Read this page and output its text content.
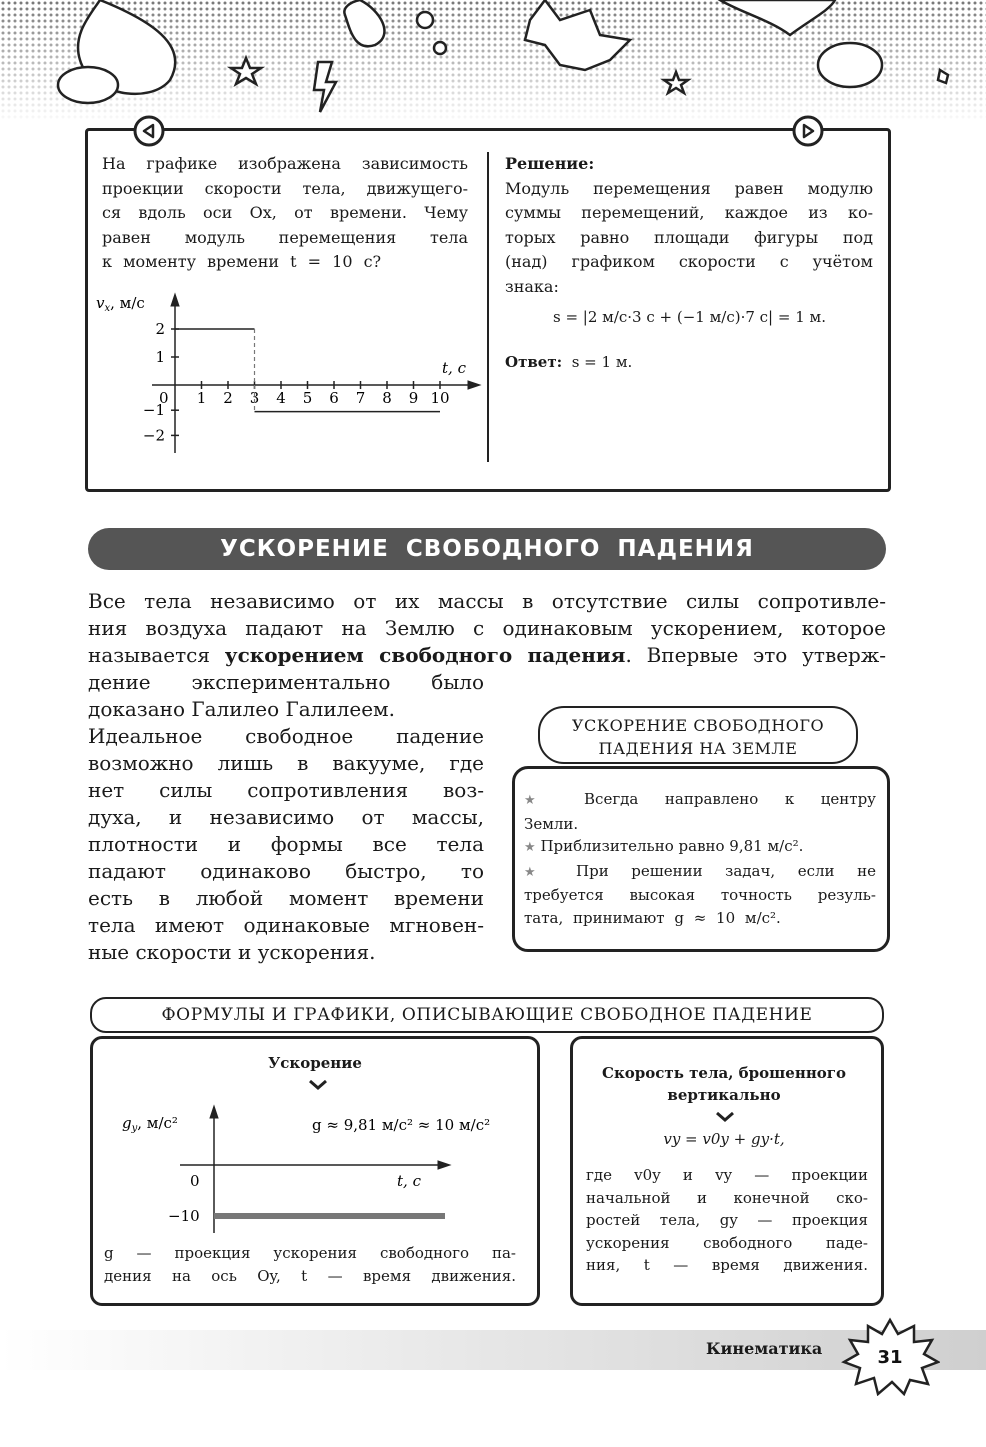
На графике изображена зависимость
проекции скорости тела, движущего-
ся вдоль оси Ox, от времени. Чему
равен модуль перемещения тела
к моменту времени t = 10 с?
$v_x$, м/с
t, с
0 1 2 3 4 5 6 7 8 9 10
2
1
−1
−2
Решение:
Модуль перемещения равен модулю
суммы перемещений, каждое из ко-
торых равно площади фигуры под
(над) графиком скорости с учётом
знака:
s = |2 м/с·3 с + (−1 м/с)·7 с| = 1 м.
Ответ: s = 1 м.
УСКОРЕНИЕ СВОБОДНОГО ПАДЕНИЯ
Все тела независимо от их массы в отсутствие силы сопротивле-
ния воздуха падают на Землю с одинаковым ускорением, которое
называется ускорением свободного падения. Впервые это утверж-
дение экспериментально было
доказано Галилео Галилеем.
Идеальное свободное падение
возможно лишь в вакууме, где
нет силы сопротивления воз-
духа, и независимо от массы,
плотности и формы все тела
падают одинаково быстро, то
есть в любой момент времени
тела имеют одинаковые мгновен-
ные скорости и ускорения.
УСКОРЕНИЕ СВОБОДНОГО
ПАДЕНИЯ НА ЗЕМЛЕ
★ Всегда направлено к центру
Земли.
★ Приблизительно равно 9,81 м/с².
★ При решении задач, если не
требуется высокая точность резуль-
тата, принимают g ≈ 10 м/с².
ФОРМУЛЫ И ГРАФИКИ, ОПИСЫВАЮЩИЕ СВОБОДНОЕ ПАДЕНИЕ
Ускорение
$g_y$, м/с²	g ≈ 9,81 м/с² ≈ 10 м/с²
0	t, с
−10
g — проекция ускорения свободного па-
дения на ось Oy, t — время движения.
Скорость тела, брошенного
вертикально
vy = v0y + gy·t,
где v0y и vy — проекции
начальной и конечной ско-
ростей тела, gy — проекция
ускорения свободного паде-
ния, t — время движения.
Кинематика	31
